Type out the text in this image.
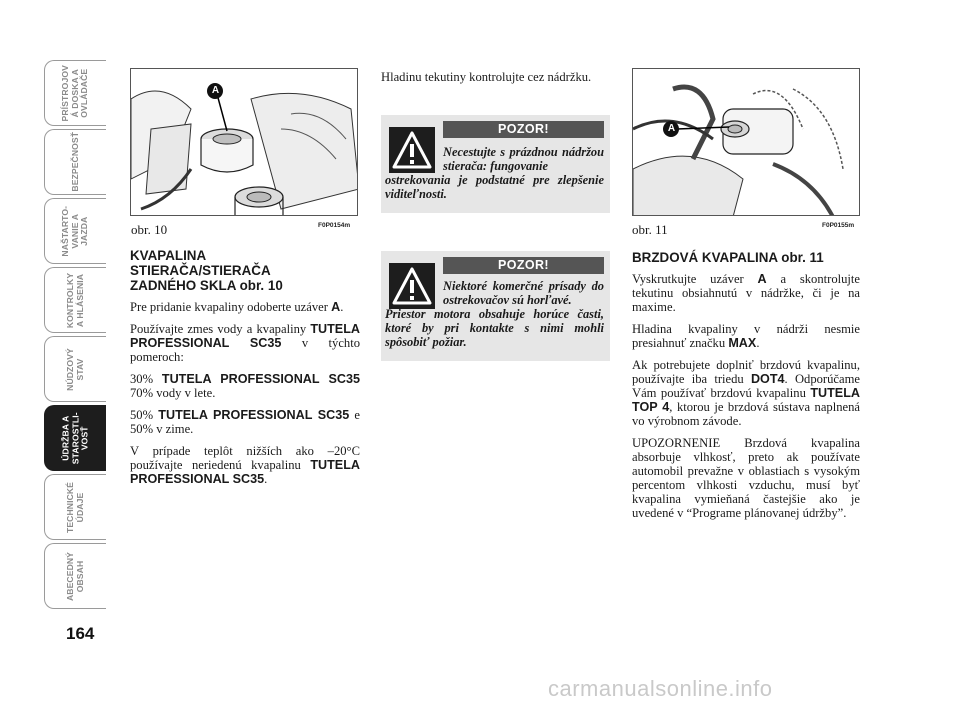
PRÍSTROJOV
Á DOSKA A
OVLÁDAČE
BEZPEČNOSŤ
NAŠTARTO-
VANIE A
JAZDA
KONTROLKY
A HLÁSENIA
NÚDZOVÝ
STAV
ÚDRŽBA A
STAROSTLI-
VOSŤ
TECHNICKÉ
ÚDAJE
ABECEDNÝ
OBSAH
164
A
obr. 10	F0P0154m
A
obr. 11	F0P0155m
KVAPALINA STIERAČA/STIERAČA ZADNÉHO SKLA obr. 10

Pre pridanie kvapaliny odoberte uzáver A.

Používajte zmes vody a kvapaliny TUTELA PROFESSIONAL SC35 v týchto pomeroch:

30% TUTELA PROFESSIONAL SC35 70% vody v lete.

50% TUTELA PROFESSIONAL SC35 e 50% v zime.

V prípade teplôt nižších ako –20°C používajte neriedenú kvapalinu TUTELA PROFESSIONAL SC35.

Hladinu tekutiny kontrolujte cez nádržku.
POZOR!
Necestujte s prázdnou nádržou stierača: fungovanie
ostrekovania je podstatné pre zlepšenie viditeľnosti.
POZOR!
Niektoré komerčné prísady do ostrekovačov sú horľavé.
Priestor motora obsahuje horúce časti, ktoré by pri kontakte s nimi mohli spôsobiť požiar.
BRZDOVÁ KVAPALINA obr. 11

Vyskrutkujte uzáver A a skontrolujte tekutinu obsiahnutú v nádržke, či je na maxime.

Hladina kvapaliny v nádrži nesmie presiahnuť značku MAX.

Ak potrebujete doplniť brzdovú kvapalinu, používajte iba triedu DOT4. Odporúčame Vám používať brzdovú kvapalinu TUTELA TOP 4, ktorou je brzdová sústava naplnená vo výrobnom závode.

UPOZORNENIE Brzdová kvapalina absorbuje vlhkosť, preto ak používate automobil prevažne v oblastiach s vysokým percentom vlhkosti vzduchu, musí byť kvapalina vymieňaná častejšie ako je uvedené v “Programe plánovanej údržby”.

carmanualsonline.info
